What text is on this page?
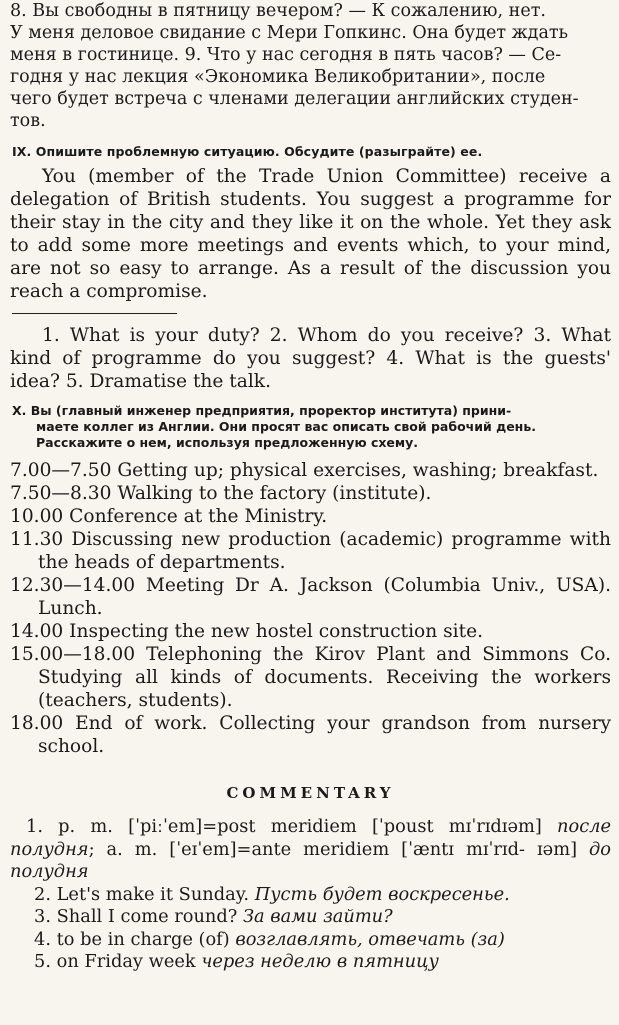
8. Вы свободны в пятницу вечером? — К сожалению, нет.

У меня деловое свидание с Мери Гопкинс. Она будет ждать

меня в гостинице. 9. Что у нас сегодня в пять часов? — Се-

годня у нас лекция «Экономика Великобритании», после

чего будет встреча с членами делегации английских студен-

тов.

IX. Опишите проблемную ситуацию. Обсудите (разыграйте) ее.

You (member of the Trade Union Committee) receive a delegation of British students. You suggest a programme for their stay in the city and they like it on the whole. Yet they ask to add some more meetings and events which, to your mind, are not so easy to arrange. As a result of the discussion you reach a compromise.

1. What is your duty? 2. Whom do you receive? 3. What kind of programme do you suggest? 4. What is the guests' idea? 5. Dramatise the talk.

X. Вы (главный инженер предприятия, проректор института) прини-
маете коллег из Англии. Они просят вас описать свой рабочий день.
Расскажите о нем, используя предложенную схему.

7.00—7.50 Getting up; physical exercises, washing; breakfast.

7.50—8.30 Walking to the factory (institute).

10.00 Conference at the Ministry.

11.30 Discussing new production (academic) programme with the heads of departments.

12.30—14.00 Meeting Dr A. Jackson (Columbia Univ., USA). Lunch.

14.00 Inspecting the new hostel construction site.

15.00—18.00 Telephoning the Kirov Plant and Simmons Co. Studying all kinds of documents. Receiving the workers (teachers, students).

18.00 End of work. Collecting your grandson from nursery school.

COMMENTARY

1. p. m. [ˈpiːˈem]=post meridiem [ˈpoust mɪˈrɪdɪəm] после полудня; a. m. [ˈeɪˈem]=ante meridiem [ˈæntɪ mɪˈrɪd- ɪəm] до полудня

2. Let's make it Sunday. Пусть будет воскресенье.

3. Shall I come round? За вами зайти?

4. to be in charge (of) возглавлять, отвечать (за)

5. on Friday week через неделю в пятницу
